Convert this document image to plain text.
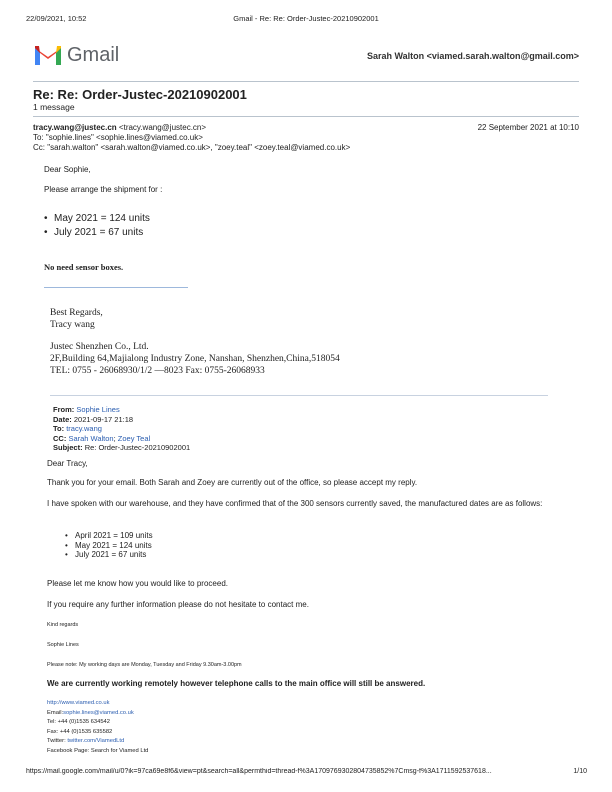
22/09/2021, 10:52	Gmail - Re: Re: Order-Justec-20210902001
Gmail	Sarah Walton <viamed.sarah.walton@gmail.com>
Re: Re: Order-Justec-20210902001
1 message
tracy.wang@justec.cn <tracy.wang@justec.cn>	22 September 2021 at 10:10
To: "sophie.lines" <sophie.lines@viamed.co.uk>
Cc: "sarah.walton" <sarah.walton@viamed.co.uk>, "zoey.teal" <zoey.teal@viamed.co.uk>
Dear Sophie,
Please arrange the shipment for :
• May 2021 = 124 units
• July 2021 = 67 units
No need sensor boxes.
Best Regards,
Tracy wang
Justec Shenzhen Co., Ltd.
2F,Building 64,Majialong Industry Zone, Nanshan, Shenzhen,China,518054
TEL: 0755 - 26068930/1/2 —8023 Fax: 0755-26068933
From: Sophie Lines
Date: 2021-09-17 21:18
To: tracy.wang
CC: Sarah Walton; Zoey Teal
Subject: Re: Order-Justec-20210902001
Dear Tracy,
Thank you for your email. Both Sarah and Zoey are currently out of the office, so please accept my reply.
I have spoken with our warehouse, and they have confirmed that of the 300 sensors currently saved, the manufactured dates are as follows:
• April 2021 = 109 units
• May 2021 = 124 units
• July 2021 = 67 units
Please let me know how you would like to proceed.
If you require any further information please do not hesitate to contact me.
Kind regards
Sophie Lines
Please note: My working days are Monday, Tuesday and Friday 9.30am-3.00pm
We are currently working remotely however telephone calls to the main office will still be answered.
http://www.viamed.co.uk
Email:sophie.lines@viamed.co.uk
Tel: +44 (0)1535 634542
Fax: +44 (0)1535 635582
Twitter: twitter.com/ViamedLtd
Facebook Page: Search for Viamed Ltd
https://mail.google.com/mail/u/0?ik=97ca69e8f6&view=pt&search=all&permthid=thread-f%3A1709769302804735852%7Cmsg-f%3A1711592537618...	1/10
